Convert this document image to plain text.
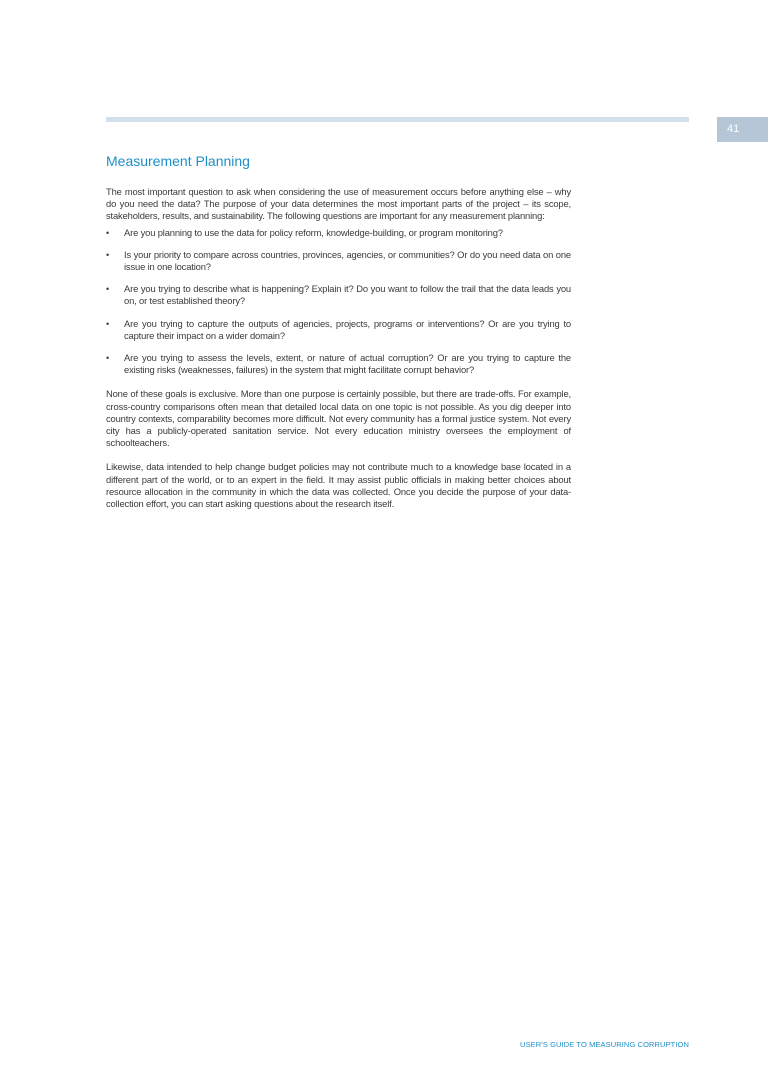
41
Measurement Planning

The most important question to ask when considering the use of measurement occurs before anything else – why do you need the data? The purpose of your data determines the most important parts of the project – its scope, stakeholders, results, and sustainability. The following questions are important for any measurement planning:

• Are you planning to use the data for policy reform, knowledge-building, or program monitoring?
• Is your priority to compare across countries, provinces, agencies, or communities? Or do you need data on one issue in one location?
• Are you trying to describe what is happening? Explain it? Do you want to follow the trail that the data leads you on, or test established theory?
• Are you trying to capture the outputs of agencies, projects, programs or interventions? Or are you trying to capture their impact on a wider domain?
• Are you trying to assess the levels, extent, or nature of actual corruption? Or are you trying to capture the existing risks (weaknesses, failures) in the system that might facilitate corrupt behavior?

None of these goals is exclusive. More than one purpose is certainly possible, but there are trade-offs. For example, cross-country comparisons often mean that detailed local data on one topic is not possible. As you dig deeper into country contexts, comparability becomes more difficult. Not every community has a formal justice system. Not every city has a publicly-operated sanitation service. Not every education ministry oversees the employment of schoolteachers.

Likewise, data intended to help change budget policies may not contribute much to a knowledge base located in a different part of the world, or to an expert in the field. It may assist public officials in making better choices about resource allocation in the community in which the data was collected. Once you decide the purpose of your data-collection effort, you can start asking questions about the research itself.

USER'S GUIDE TO MEASURING CORRUPTION
